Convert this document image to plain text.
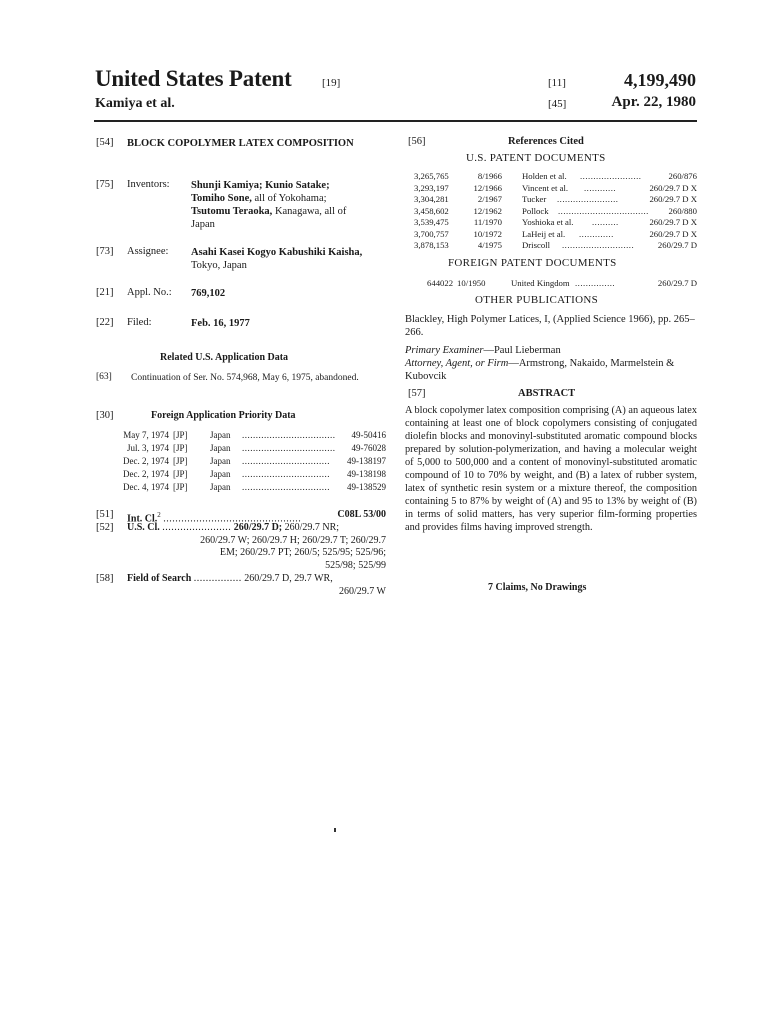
United States Patent	[19]
Kamiya et al.
[11]	4,199,490
[45]	Apr. 22, 1980
[54] BLOCK COPOLYMER LATEX COMPOSITION
[75] Inventors: Shunji Kamiya; Kunio Satake;
Tomiho Sone, all of Yokohama;
Tsutomu Teraoka, Kanagawa, all of
Japan
[73] Assignee: Asahi Kasei Kogyo Kabushiki Kaisha,
Tokyo, Japan
[21] Appl. No.: 769,102
[22] Filed:	Feb. 16, 1977
Related U.S. Application Data
[63] Continuation of Ser. No. 574,968, May 6, 1975, abandoned.
[30]	Foreign Application Priority Data
May 7, 1974 [JP] Japan .................................. 49-50416
Jul. 3, 1974 [JP] Japan .................................. 49-76028
Dec. 2, 1974 [JP] Japan ................................ 49-138197
Dec. 2, 1974 [JP] Japan ................................ 49-138198
Dec. 4, 1974 [JP] Japan ................................ 49-138529
[51] Int. Cl.$^2$ ..............................................	C08L 53/00
[52] U.S. Cl. ....................... 260/29.7 D; 260/29.7 NR;
260/29.7 W; 260/29.7 H; 260/29.7 T; 260/29.7
EM; 260/29.7 PT; 260/5; 525/95; 525/96;
525/98; 525/99
[58] Field of Search ................ 260/29.7 D, 29.7 WR,
260/29.7 W
[56]	References Cited
U.S. PATENT DOCUMENTS
3,265,765	8/1966 Holden et al. .......................	260/876
3,293,197	12/1966 Vincent et al. ............	260/29.7 D X
3,304,281	2/1967 Tucker .......................	260/29.7 D X
3,458,602	12/1962 Pollock .................................. 260/880
3,539,475	11/1970 Yoshioka et al. ..........	260/29.7 D X
3,700,757	10/1972 LaHeij et al. .............	260/29.7 D X
3,878,153	4/1975 Driscoll ...........................	260/29.7 D
FOREIGN PATENT DOCUMENTS
644022 10/1950	United Kingdom ...............	260/29.7 D
OTHER PUBLICATIONS
Blackley, High Polymer Latices, I, (Applied Science 1966), pp. 265–266.
Primary Examiner—Paul Lieberman
Attorney, Agent, or Firm—Armstrong, Nakaido, Marmelstein & Kubovcik
[57]	ABSTRACT
A block copolymer latex composition comprising (A) an aqueous latex containing at least one of block copolymers consisting of conjugated diolefin blocks and monovinyl-substituted aromatic compound blocks prepared by solution-polymerization, and having a molecular weight of 5,000 to 500,000 and a content of monovinyl-substituted aromatic compound of 10 to 70% by weight, and (B) a latex of rubber system, latex of synthetic resin system or a mixture thereof, the composition containing 5 to 87% by weight of (A) and 95 to 13% by weight of (B) in terms of solid matters, has very superior film-forming properties and provides films having improved strength.
7 Claims, No Drawings
